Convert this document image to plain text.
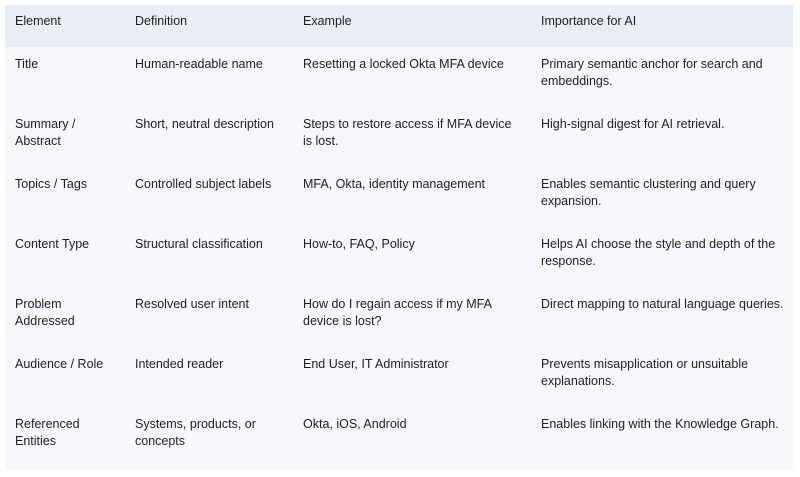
Element	Definition	Example	Importance for AI
Title	Human-readable name	Resetting a locked Okta MFA device	Primary semantic anchor for search and embeddings.
Summary / Abstract	Short, neutral description	Steps to restore access if MFA device is lost.	High-signal digest for AI retrieval.
Topics / Tags	Controlled subject labels	MFA, Okta, identity management	Enables semantic clustering and query expansion.
Content Type	Structural classification	How-to, FAQ, Policy	Helps AI choose the style and depth of the response.
Problem Addressed	Resolved user intent	How do I regain access if my MFA device is lost?	Direct mapping to natural language queries.
Audience / Role	Intended reader	End User, IT Administrator	Prevents misapplication or unsuitable explanations.
Referenced Entities	Systems, products, or concepts	Okta, iOS, Android	Enables linking with the Knowledge Graph.
